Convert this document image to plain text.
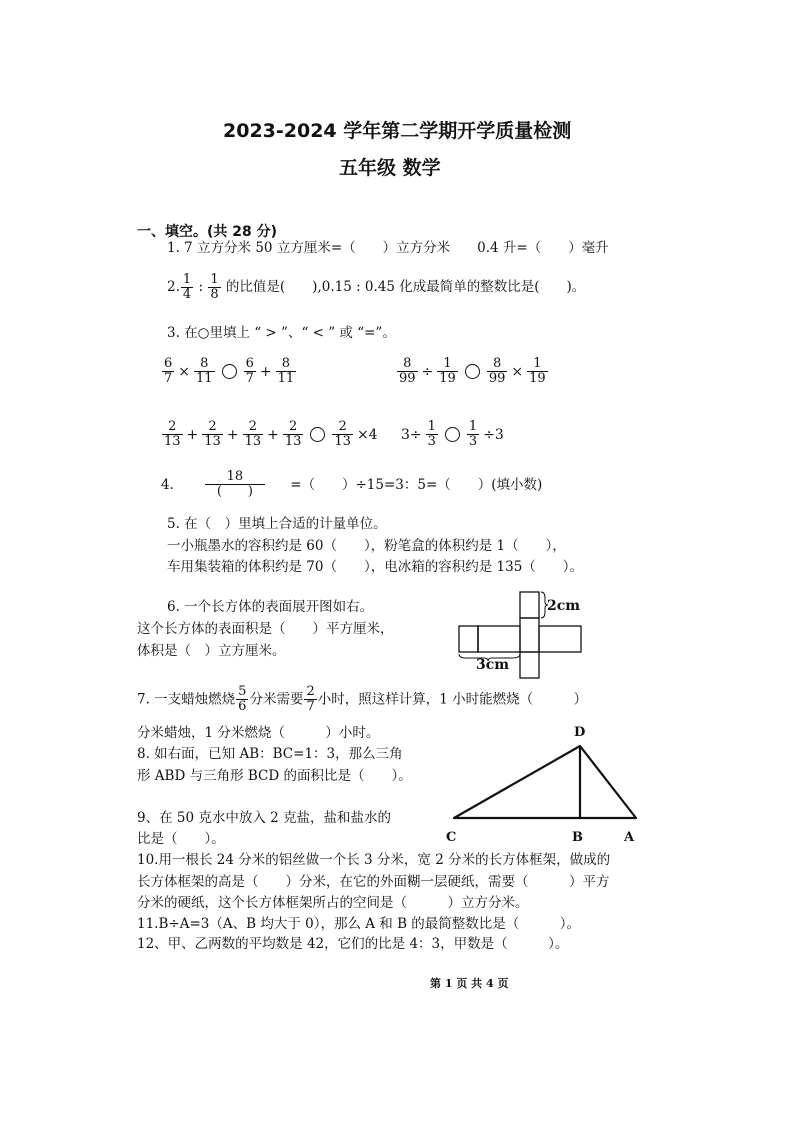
2023-2024 学年第二学期开学质量检测
五年级 数学
一、填空。(共 28 分)
1. 7 立方分米 50 立方厘米=（　　）立方分米　　0.4 升=（　　）毫升
2. $\frac{1}{4}$ : $\frac{1}{8}$ 的比值是(　　),0.15 : 0.45 化成最简单的整数比是(　　)。
3. 在○里填上 “ > ”、“ < ” 或 “=”。
$\frac{6}{7} \times \frac{8}{11} \frac{6}{7} + \frac{8}{11}$	$\frac{8}{99} \div \frac{1}{19} \frac{8}{99} \times \frac{1}{19}$
$\frac{2}{13} + \frac{2}{13} + \frac{2}{13} + \frac{2}{13} \frac{2}{13} \times 4$ $3\div \frac{1}{3} \frac{1}{3} \div 3$
4. $\frac{18}{( )}$ =（　　）÷15=3：5=（　　）(填小数)
5. 在（　）里填上合适的计量单位。
一小瓶墨水的容积约是 60（　　），粉笔盒的体积约是 1（　　），
车用集装箱的体积约是 70（　　），电冰箱的容积约是 135（　　）。
6. 一个长方体的表面展开图如右。
这个长方体的表面积是（　　）平方厘米，
体积是（　）立方厘米。
2cm
3cm
7. 一支蜡烛燃烧 $\frac{5}{6}$ 分米需要 $\frac{2}{7}$ 小时，照这样计算，1 小时能燃烧（　　　）
分米蜡烛，1 分米燃烧（　　　）小时。
8. 如右面，已知 AB：BC=1：3，那么三角
形 ABD 与三角形 BCD 的面积比是（　　）。
D
C	B	A
9、在 50 克水中放入 2 克盐，盐和盐水的
比是（　　）。
10.用一根长 24 分米的铝丝做一个长 3 分米，宽 2 分米的长方体框架，做成的
长方体框架的高是（　　）分米，在它的外面糊一层硬纸，需要（　　　）平方
分米的硬纸，这个长方体框架所占的空间是（　　　）立方分米。
11.B÷A=3（A、B 均大于 0），那么 A 和 B 的最简整数比是（　　　）。
12、甲、乙两数的平均数是 42，它们的比是 4：3，甲数是（　　　）。
第 1 页 共 4 页
